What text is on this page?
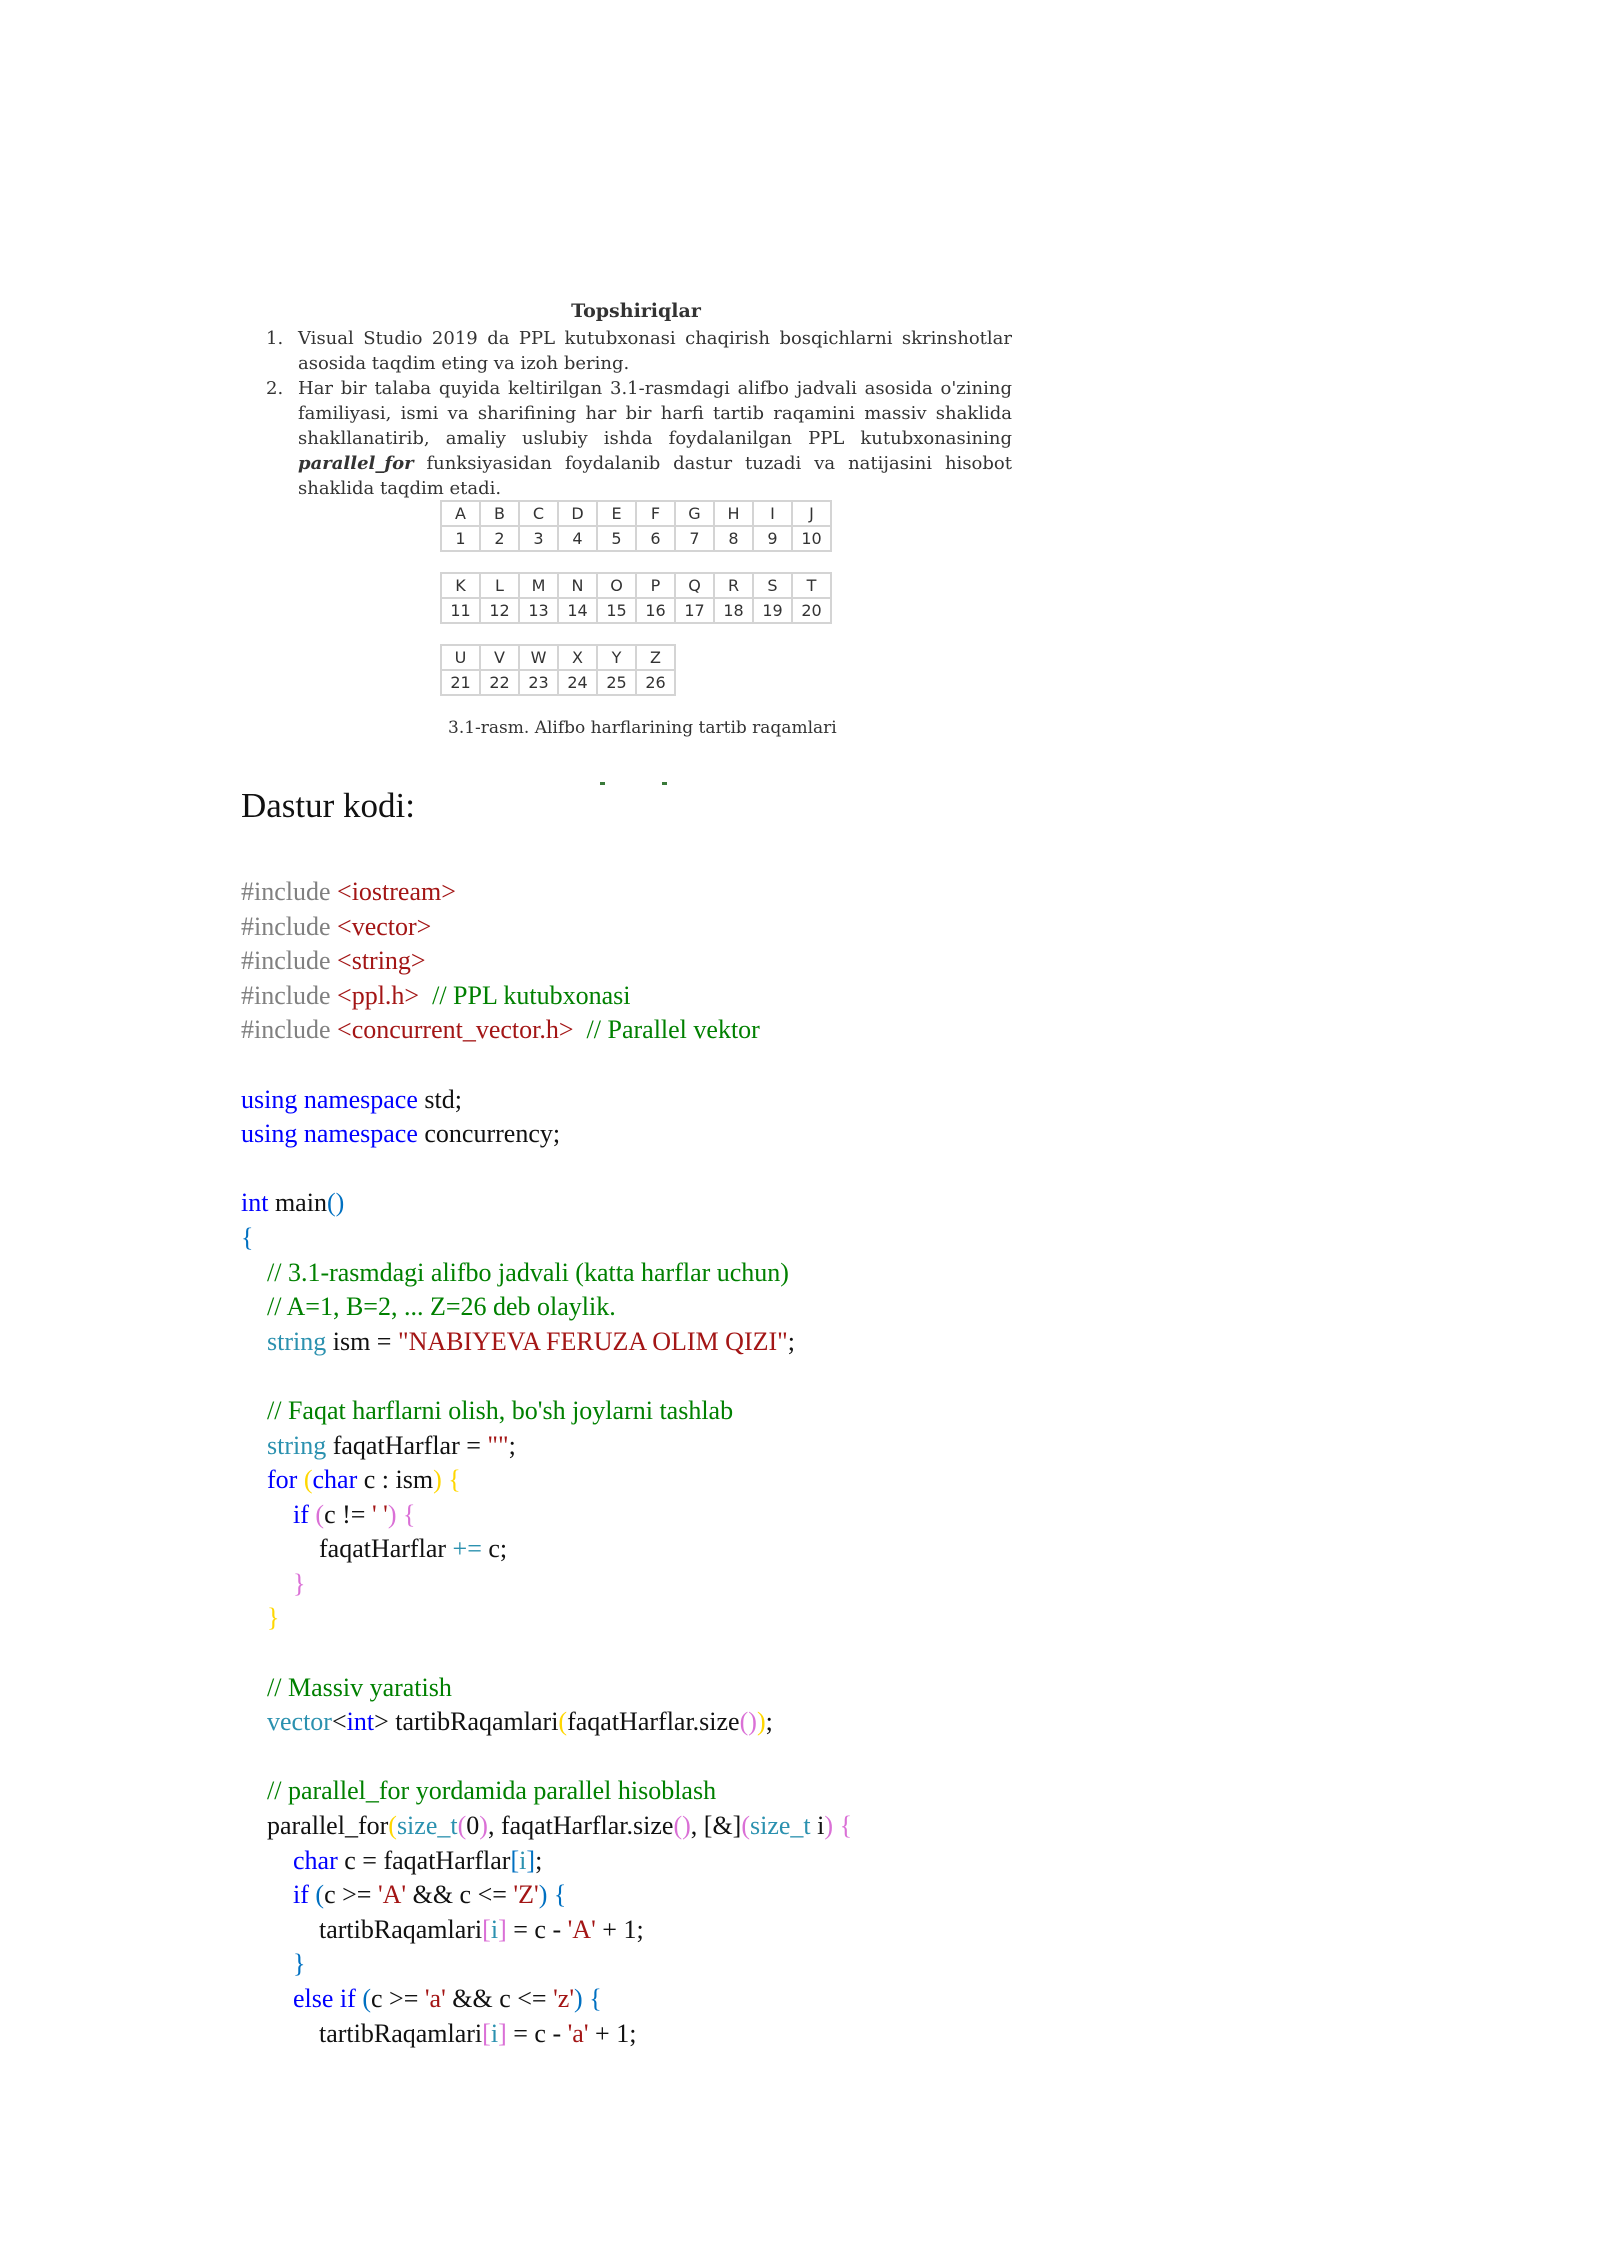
Topshiriqlar

1. Visual Studio 2019 da PPL kutubxonasi chaqirish bosqichlarni skrinshotlar asosida taqdim eting va izoh bering.
2. Har bir talaba quyida keltirilgan 3.1-rasmdagi alifbo jadvali asosida o'zining familiyasi, ismi va sharifining har bir harfi tartib raqamini massiv shaklida shakllanatirib, amaliy uslubiy ishda foydalanilgan PPL kutubxonasining parallel_for funksiyasidan foydalanib dastur tuzadi va natijasini hisobot shaklida taqdim etadi.
A	B	C	D	E	F	G	H	I	J
1	2	3	4	5	6	7	8	9	10
K	L	M	N	O	P	Q	R	S	T
11	12	13	14	15	16	17	18	19	20
U	V	W	X	Y	Z
21	22	23	24	25	26
3.1-rasm. Alifbo harflarining tartib raqamlari
Dastur kodi:
#include <iostream>
#include <vector>
#include <string>
#include <ppl.h> // PPL kutubxonasi
#include <concurrent_vector.h> // Parallel vektor

using namespace std;
using namespace concurrency;

int main()
{
// 3.1-rasmdagi alifbo jadvali (katta harflar uchun)
// A=1, B=2, ... Z=26 deb olaylik.
string ism = "NABIYEVA FERUZA OLIM QIZI";

// Faqat harflarni olish, bo'sh joylarni tashlab
string faqatHarflar = "";
for (char c : ism) {
if (c != ' ') {
faqatHarflar += c;
}
}

// Massiv yaratish
vector<int> tartibRaqamlari(faqatHarflar.size());

// parallel_for yordamida parallel hisoblash
parallel_for(size_t(0), faqatHarflar.size(), [&](size_t i) {
char c = faqatHarflar[i];
if (c >= 'A' && c <= 'Z') {
tartibRaqamlari[i] = c - 'A' + 1;
}
else if (c >= 'a' && c <= 'z') {
tartibRaqamlari[i] = c - 'a' + 1;
